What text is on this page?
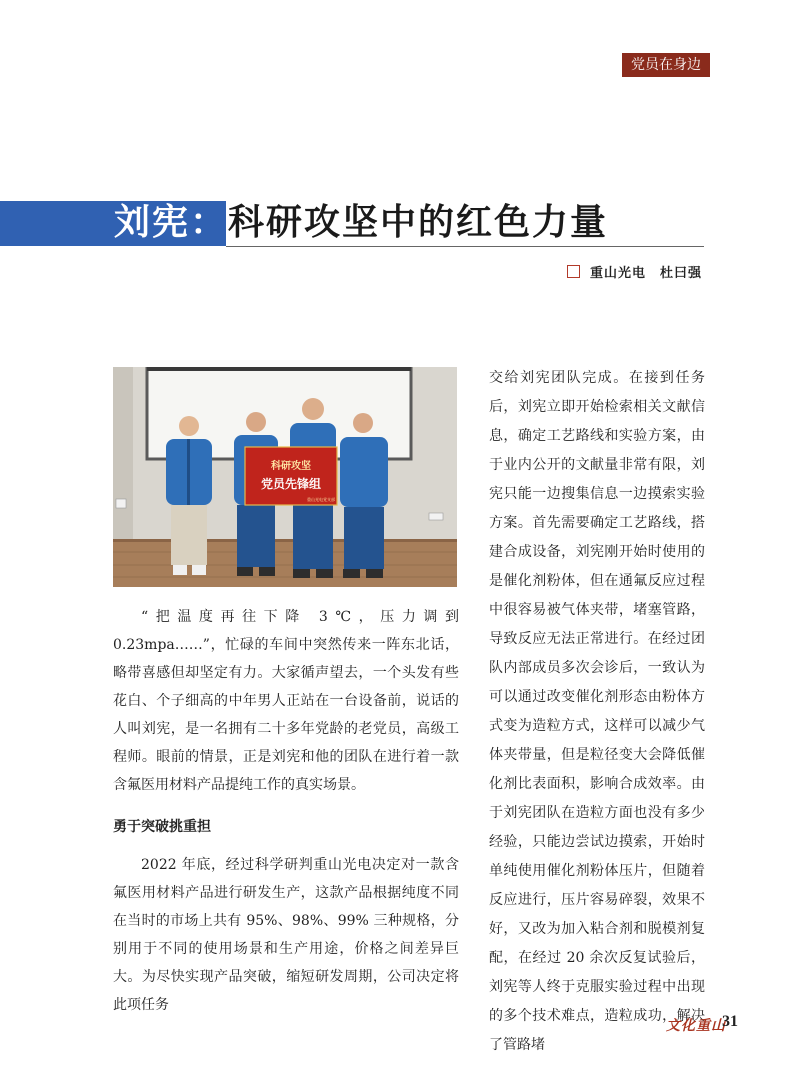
党员在身边
刘宪： 科研攻坚中的红色力量
重山光电 杜曰强
科研攻坚
党员先锋组
重山光电党支部

“把温度再往下降 3℃，压力调到 0.23mpa……”，忙碌的车间中突然传来一阵东北话，略带喜感但却坚定有力。大家循声望去，一个头发有些花白、个子细高的中年男人正站在一台设备前，说话的人叫刘宪，是一名拥有二十多年党龄的老党员，高级工程师。眼前的情景，正是刘宪和他的团队在进行着一款含氟医用材料产品提纯工作的真实场景。

勇于突破挑重担

2022 年底，经过科学研判重山光电决定对一款含氟医用材料产品进行研发生产，这款产品根据纯度不同在当时的市场上共有 95%、98%、99% 三种规格，分别用于不同的使用场景和生产用途，价格之间差异巨大。为尽快实现产品突破，缩短研发周期，公司决定将此项任务

交给刘宪团队完成。在接到任务后，刘宪立即开始检索相关文献信息，确定工艺路线和实验方案，由于业内公开的文献量非常有限，刘宪只能一边搜集信息一边摸索实验方案。首先需要确定工艺路线，搭建合成设备，刘宪刚开始时使用的是催化剂粉体，但在通氟反应过程中很容易被气体夹带，堵塞管路，导致反应无法正常进行。在经过团队内部成员多次会诊后，一致认为可以通过改变催化剂形态由粉体方式变为造粒方式，这样可以减少气体夹带量，但是粒径变大会降低催化剂比表面积，影响合成效率。由于刘宪团队在造粒方面也没有多少经验，只能边尝试边摸索，开始时单纯使用催化剂粉体压片，但随着反应进行，压片容易碎裂，效果不好，又改为加入粘合剂和脱模剂复配，在经过 20 余次反复试验后，刘宪等人终于克服实验过程中出现的多个技术难点，造粒成功，解决了管路堵

文化重山
31
